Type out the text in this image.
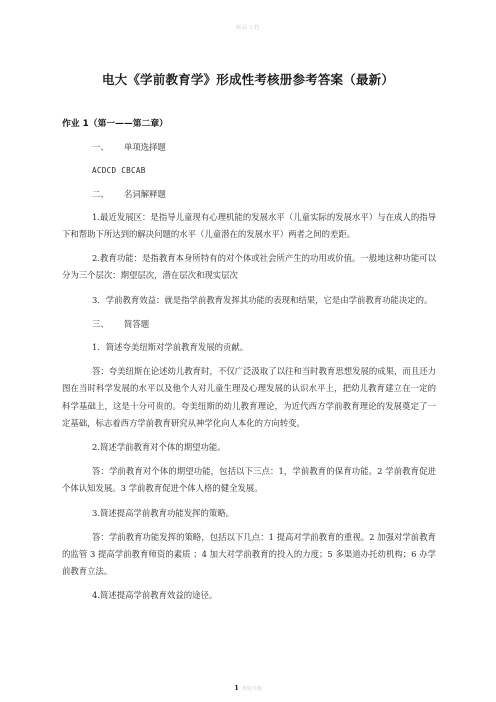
精品文档
电大《学前教育学》形成性考核册参考答案（最新）

作业 1（第一——第二章）

一、 单项选择题

ACDCD CBCAB

二、 名词解释题

1.最近发展区：是指导儿童现有心理机能的发展水平（儿童实际的发展水平）与在成人的指导下和帮助下所达到的解决问题的水平（儿童潜在的发展水平）两者之间的差距。

2.教育功能：是指教育本身所特有的对个体或社会所产生的功用或价值。一般地这种功能可以分为三个层次：期望层次，潜在层次和现实层次

3．学前教育效益：就是指学前教育发挥其功能的表现和结果，它是由学前教育功能决定的。

三、 简答题

1．简述夸美纽斯对学前教育发展的贡献。

答：夸美纽斯在论述幼儿教育时，不仅广泛汲取了以往和当时教育思想发展的成果，而且还力图在当时科学发展的水平以及他个人对儿童生理及心理发展的认识水平上，把幼儿教育建立在一定的科学基础上，这是十分可贵的。夸美纽斯的幼儿教育理论，为近代西方学前教育理论的发展奠定了一定基础，标志着西方学前教育研究从神学化向人本化的方向转变。

2.简述学前教育对个体的期望功能。

答：学前教育对个体的期望功能，包括以下三点：1，学前教育的保育功能。2 学前教育促进个体认知发展。3 学前教育促进个体人格的健全发展。

3.简述提高学前教育功能发挥的策略。

答：学前教育功能发挥的策略，包括以下几点：1 提高对学前教育的重视。2 加强对学前教育的监管 3 提高学前教育师资的素质 ；4 加大对学前教育的投入的力度；5 多渠道办托幼机构；6 办学前教育立法。

4.简述提高学前教育效益的途径。

1 欢迎下载
